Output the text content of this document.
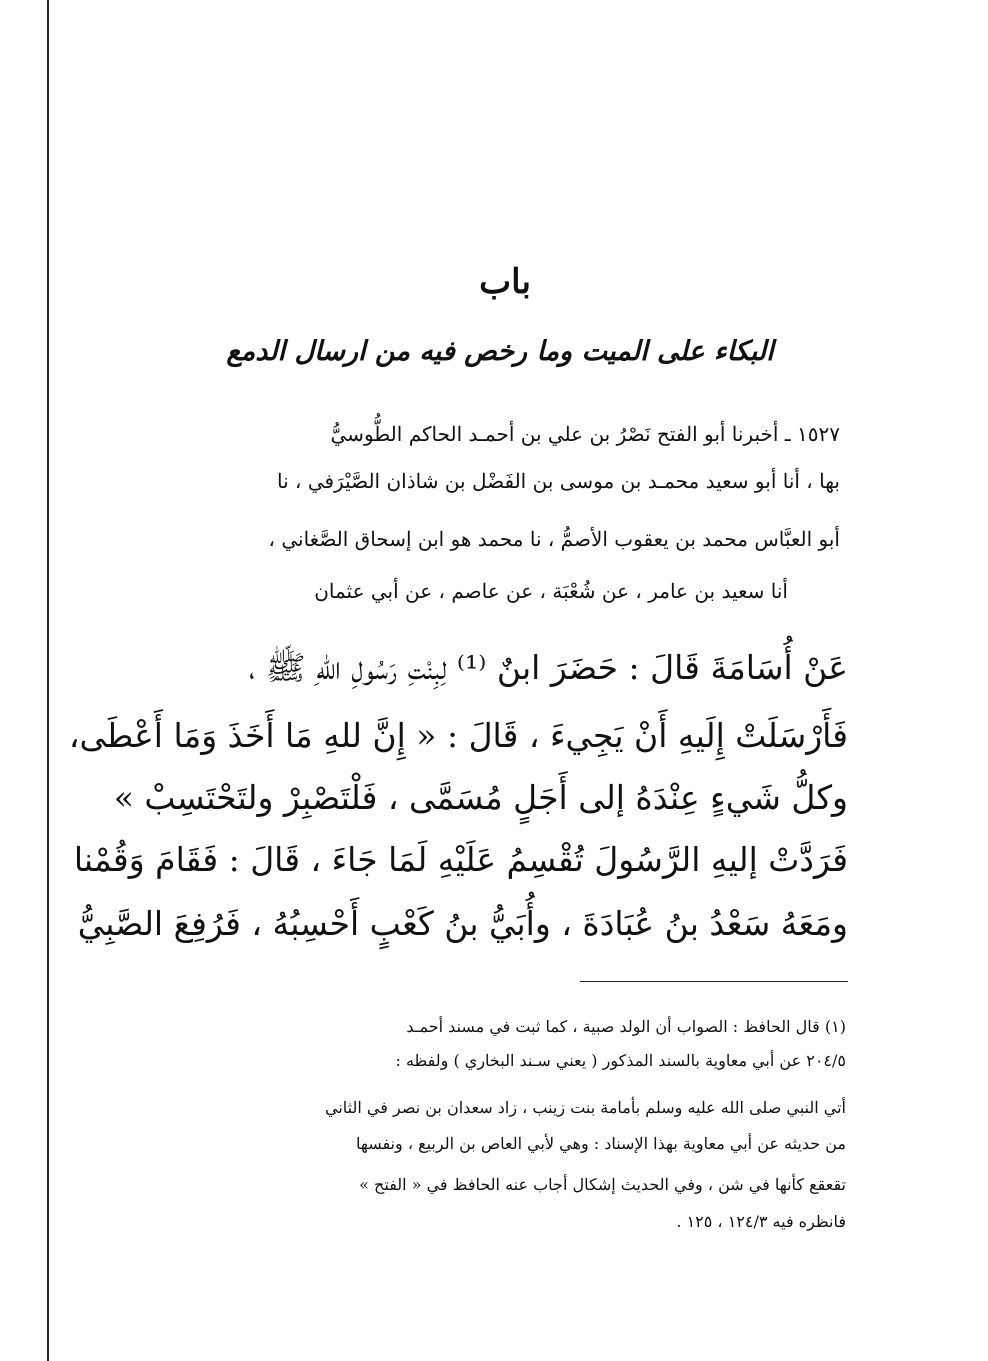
باب
البكاء على الميت وما رخص فيه من ارسال الدمع
١٥٢٧ ـ أخبرنا أبو الفتح نَصْرُ بن علي بن أحمـد الحاكم الطُّوسيُّ
بها ، أنا أبو سعيد محمـد بن موسى بن الفَضْل بن شاذان الصَّيْرَفي ، نا
أبو العبَّاس محمد بن يعقوب الأصمُّ ، نا محمد هو ابن إسحاق الصَّغاني ،
أنا سعيد بن عامر ، عن شُعْبَة ، عن عاصم ، عن أبي عثمان
عَنْ أُسَامَةَ قَالَ : حَضَرَ ابنٌ ⁽¹⁾ لِبِنْتِ رَسُولِ اللهِ ﷺ ،
فَأَرْسَلَتْ إِلَيهِ أَنْ يَجِيءَ ، قَالَ : « إِنَّ للهِ مَا أَخَذَ وَمَا أَعْطَى،
وكلُّ شَيءٍ عِنْدَهُ إلى أَجَلٍ مُسَمَّى ، فَلْتَصْبِرْ ولتَحْتَسِبْ »
فَرَدَّتْ إليهِ الرَّسُولَ تُقْسِمُ عَلَيْهِ لَمَا جَاءَ ، قَالَ : فَقَامَ وَقُمْنا
ومَعَهُ سَعْدُ بنُ عُبَادَةَ ، وأُبَيُّ بنُ كَعْبٍ أَحْسِبُهُ ، فَرُفِعَ الصَّبِيُّ
(١) قال الحافظ : الصواب أن الولد صبية ، كما ثبت في مسند أحمـد
٢٠٤/٥ عن أبي معاوية بالسند المذكور ( يعني سـند البخاري ) ولفظه :
أتي النبي صلى الله عليه وسلم بأمامة بنت زينب ، زاد سعدان بن نصر في الثاني
من حديثه عن أبي معاوية بهذا الإسناد : وهي لأبي العاص بن الربيع ، ونفسها
تقعقع كأنها في شن ، وفي الحديث إشكال أجاب عنه الحافظ في « الفتح »
فانظره فيه ١٢٤/٣ ، ١٢٥ .
